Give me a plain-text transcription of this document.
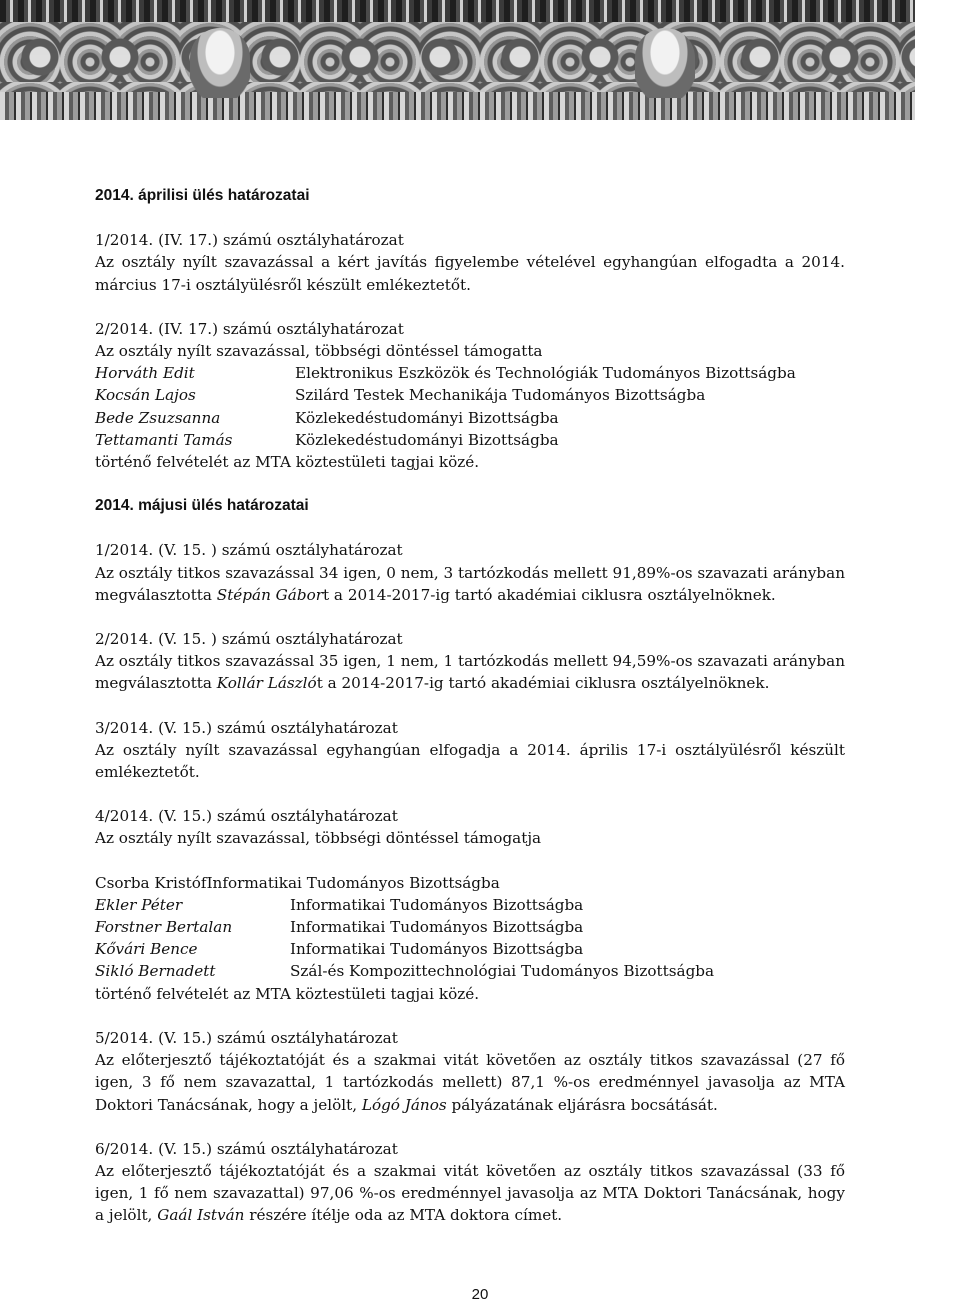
2014. áprilisi ülés határozatai

1/2014. (IV. 17.) számú osztályhatározat

Az osztály nyílt szavazással a kért javítás figyelembe vételével egyhangúan elfogadta a 2014. március 17-i osztályülésről készült emlékeztetőt.

2/2014. (IV. 17.) számú osztályhatározat

Az osztály nyílt szavazással, többségi döntéssel támogatta

Horváth Edit	Elektronikus Eszközök és Technológiák Tudományos Bizottságba
Kocsán Lajos	Szilárd Testek Mechanikája Tudományos Bizottságba
Bede Zsuzsanna	Közlekedéstudományi Bizottságba
Tettamanti Tamás	Közlekedéstudományi Bizottságba

történő felvételét az MTA köztestületi tagjai közé.

2014. májusi ülés határozatai

1/2014. (V. 15. ) számú osztályhatározat

Az osztály titkos szavazással 34 igen, 0 nem, 3 tartózkodás mellett 91,89%-os szavazati arányban megválasztotta Stépán Gábort a 2014-2017-ig tartó akadémiai ciklusra osztályelnöknek.

2/2014. (V. 15. ) számú osztályhatározat

Az osztály titkos szavazással 35 igen, 1 nem, 1 tartózkodás mellett 94,59%-os szavazati arányban megválasztotta Kollár Lászlót a 2014-2017-ig tartó akadémiai ciklusra osztályelnöknek.

3/2014. (V. 15.) számú osztályhatározat

Az osztály nyílt szavazással egyhangúan elfogadja a 2014. április 17-i osztályülésről készült emlékeztetőt.

4/2014. (V. 15.) számú osztályhatározat

Az osztály nyílt szavazással, többségi döntéssel támogatja

Csorba Kristóf Informatikai Tudományos Bizottságba
Ekler Péter	Informatikai Tudományos Bizottságba
Forstner Bertalan	Informatikai Tudományos Bizottságba
Kővári Bence	Informatikai Tudományos Bizottságba
Sikló Bernadett	Szál-és Kompozittechnológiai Tudományos Bizottságba

történő felvételét az MTA köztestületi tagjai közé.

5/2014. (V. 15.) számú osztályhatározat

Az előterjesztő tájékoztatóját és a szakmai vitát követően az osztály titkos szavazással (27 fő igen, 3 fő nem szavazattal, 1 tartózkodás mellett) 87,1 %-os eredménnyel javasolja az MTA Doktori Tanácsának, hogy a jelölt, Lógó János pályázatának eljárásra bocsátását.

6/2014. (V. 15.) számú osztályhatározat

Az előterjesztő tájékoztatóját és a szakmai vitát követően az osztály titkos szavazással (33 fő igen, 1 fő nem szavazattal) 97,06 %-os eredménnyel javasolja az MTA Doktori Tanácsának, hogy a jelölt, Gaál István részére ítélje oda az MTA doktora címet.

20
